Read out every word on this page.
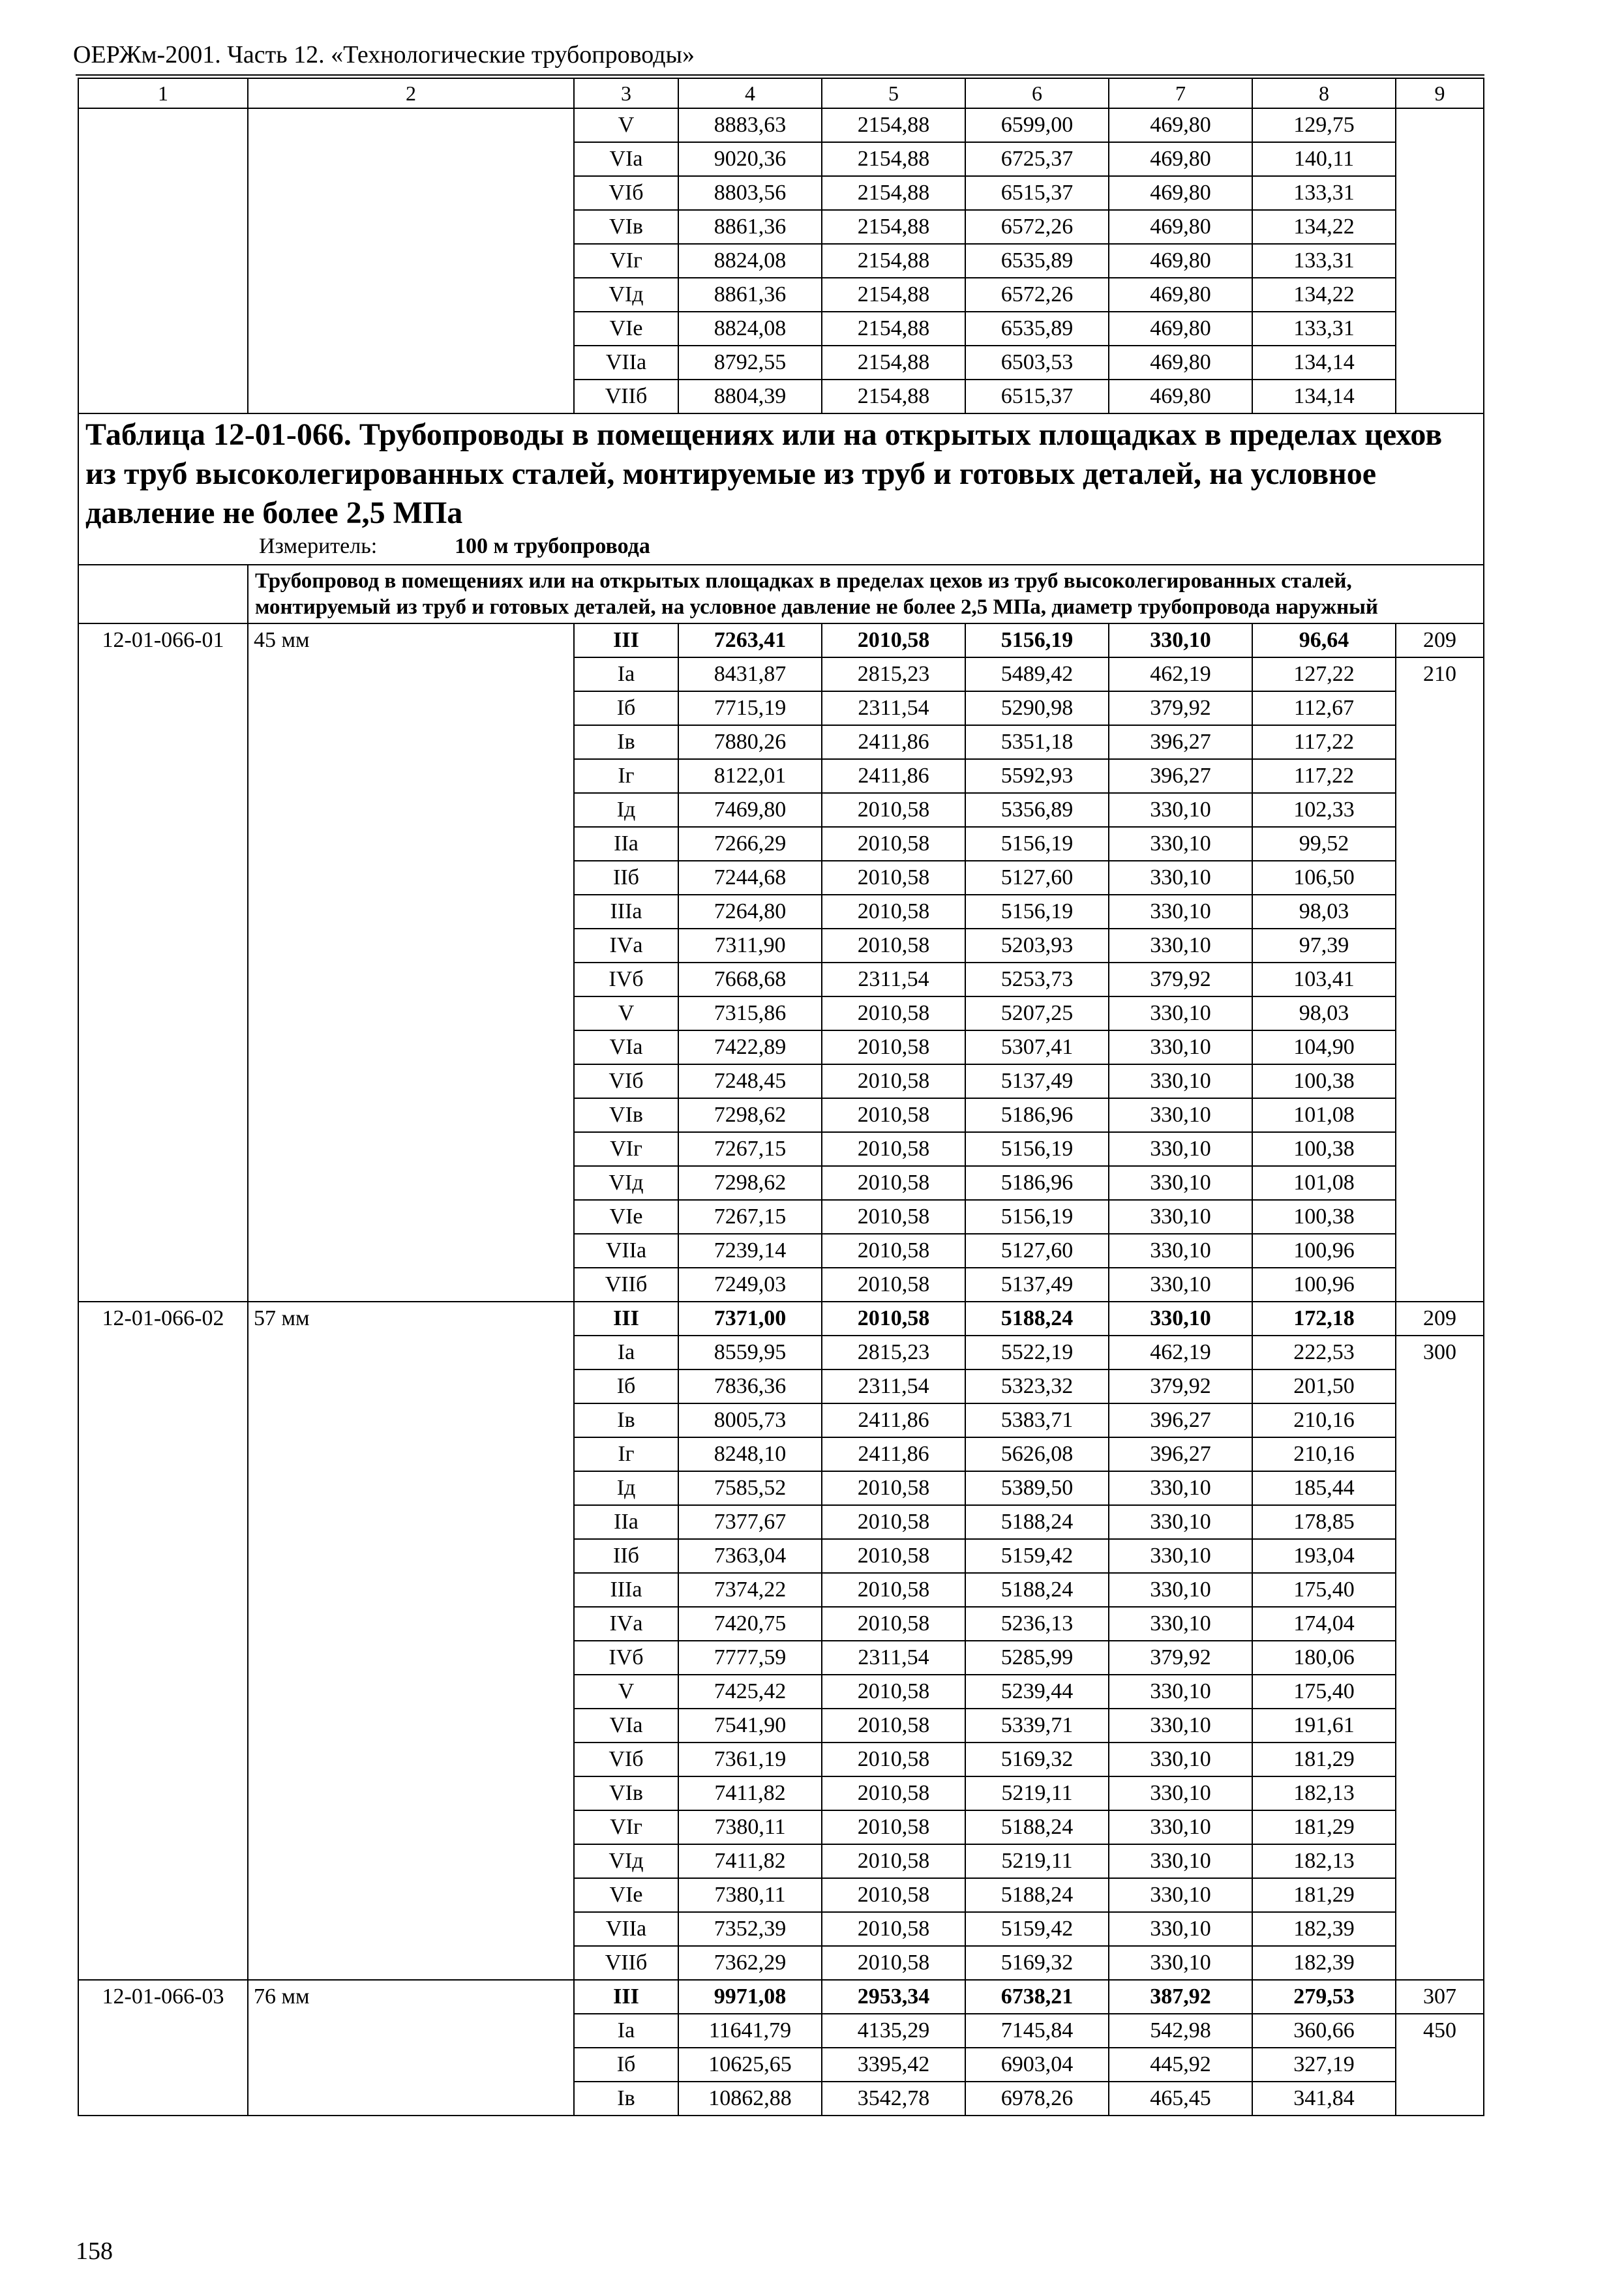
ОЕРЖм-2001. Часть 12. «Технологические трубопроводы»
1	2	3	4	5	6	7	8	9
		V	8883,63	2154,88	6599,00	469,80	129,75	
		VIа	9020,36	2154,88	6725,37	469,80	140,11	
		VIб	8803,56	2154,88	6515,37	469,80	133,31	
		VIв	8861,36	2154,88	6572,26	469,80	134,22	
		VIг	8824,08	2154,88	6535,89	469,80	133,31	
		VIд	8861,36	2154,88	6572,26	469,80	134,22	
		VIе	8824,08	2154,88	6535,89	469,80	133,31	
		VIIа	8792,55	2154,88	6503,53	469,80	134,14	
		VIIб	8804,39	2154,88	6515,37	469,80	134,14	

Таблица 12-01-066. Трубопроводы в помещениях или на открытых площадках в пределах цехов из труб высоколегированных сталей, монтируемые из труб и готовых деталей, на условное давление не более 2,5 МПа
Измеритель: 100 м трубопровода								

	Трубопровод в помещениях или на открытых площадках в пределах цехов из труб высоколегированных сталей, монтируемый из труб и готовых деталей, на условное давление не более 2,5 МПа, диаметр трубопровода наружный							
12-01-066-01	45 мм	III	7263,41	2010,58	5156,19	330,10	96,64	209
		Iа	8431,87	2815,23	5489,42	462,19	127,22	210
		Iб	7715,19	2311,54	5290,98	379,92	112,67	
		Iв	7880,26	2411,86	5351,18	396,27	117,22	
		Iг	8122,01	2411,86	5592,93	396,27	117,22	
		Iд	7469,80	2010,58	5356,89	330,10	102,33	
		IIа	7266,29	2010,58	5156,19	330,10	99,52	
		IIб	7244,68	2010,58	5127,60	330,10	106,50	
		IIIа	7264,80	2010,58	5156,19	330,10	98,03	
		IVа	7311,90	2010,58	5203,93	330,10	97,39	
		IVб	7668,68	2311,54	5253,73	379,92	103,41	
		V	7315,86	2010,58	5207,25	330,10	98,03	
		VIа	7422,89	2010,58	5307,41	330,10	104,90	
		VIб	7248,45	2010,58	5137,49	330,10	100,38	
		VIв	7298,62	2010,58	5186,96	330,10	101,08	
		VIг	7267,15	2010,58	5156,19	330,10	100,38	
		VIд	7298,62	2010,58	5186,96	330,10	101,08	
		VIе	7267,15	2010,58	5156,19	330,10	100,38	
		VIIа	7239,14	2010,58	5127,60	330,10	100,96	
		VIIб	7249,03	2010,58	5137,49	330,10	100,96	
12-01-066-02	57 мм	III	7371,00	2010,58	5188,24	330,10	172,18	209
		Iа	8559,95	2815,23	5522,19	462,19	222,53	300
		Iб	7836,36	2311,54	5323,32	379,92	201,50	
		Iв	8005,73	2411,86	5383,71	396,27	210,16	
		Iг	8248,10	2411,86	5626,08	396,27	210,16	
		Iд	7585,52	2010,58	5389,50	330,10	185,44	
		IIа	7377,67	2010,58	5188,24	330,10	178,85	
		IIб	7363,04	2010,58	5159,42	330,10	193,04	
		IIIа	7374,22	2010,58	5188,24	330,10	175,40	
		IVа	7420,75	2010,58	5236,13	330,10	174,04	
		IVб	7777,59	2311,54	5285,99	379,92	180,06	
		V	7425,42	2010,58	5239,44	330,10	175,40	
		VIа	7541,90	2010,58	5339,71	330,10	191,61	
		VIб	7361,19	2010,58	5169,32	330,10	181,29	
		VIв	7411,82	2010,58	5219,11	330,10	182,13	
		VIг	7380,11	2010,58	5188,24	330,10	181,29	
		VIд	7411,82	2010,58	5219,11	330,10	182,13	
		VIе	7380,11	2010,58	5188,24	330,10	181,29	
		VIIа	7352,39	2010,58	5159,42	330,10	182,39	
		VIIб	7362,29	2010,58	5169,32	330,10	182,39	
12-01-066-03	76 мм	III	9971,08	2953,34	6738,21	387,92	279,53	307
		Iа	11641,79	4135,29	7145,84	542,98	360,66	450
		Iб	10625,65	3395,42	6903,04	445,92	327,19	
		Iв	10862,88	3542,78	6978,26	465,45	341,84	
158
